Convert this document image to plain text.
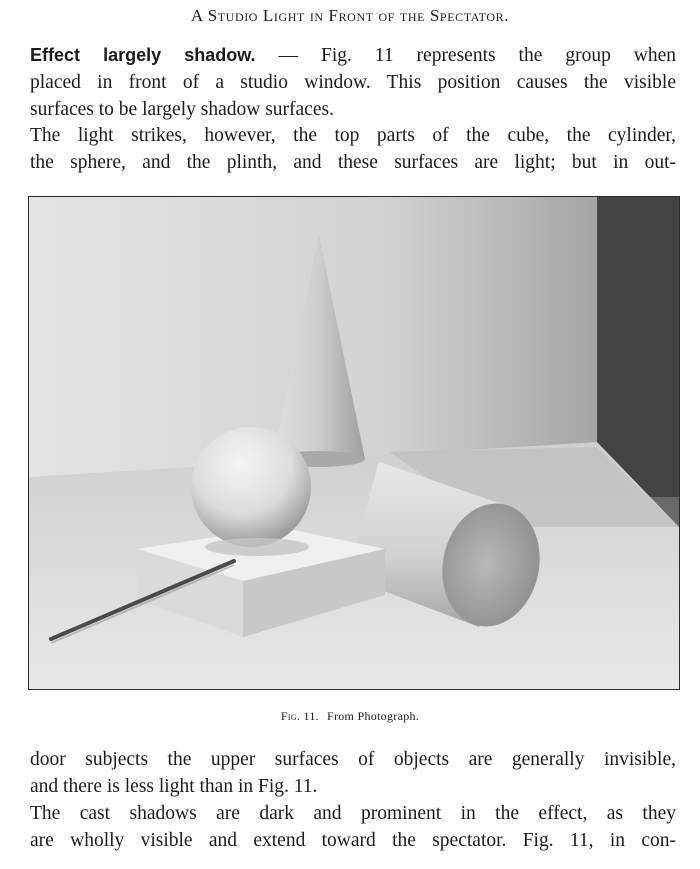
A Studio Light in Front of the Spectator.
Effect largely shadow. — Fig. 11 represents the group when
placed in front of a studio window. This position causes the visible
surfaces to be largely shadow surfaces.
The light strikes, however, the top parts of the cube, the cylinder,
the sphere, and the plinth, and these surfaces are light; but in out-
Fig. 11. From Photograph.
door subjects the upper surfaces of objects are generally invisible,
and there is less light than in Fig. 11.
The cast shadows are dark and prominent in the effect, as they
are wholly visible and extend toward the spectator. Fig. 11, in con-
